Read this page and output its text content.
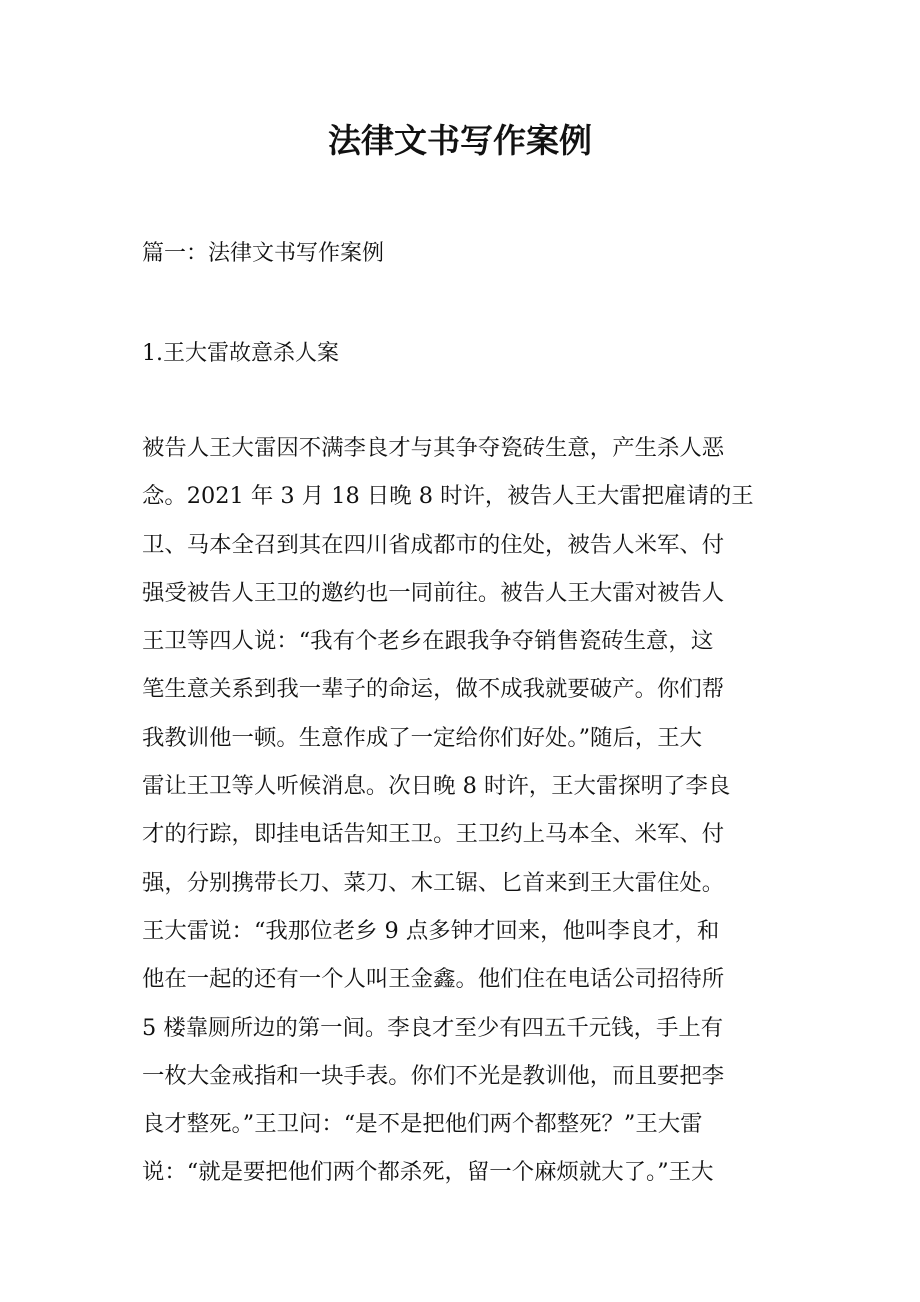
法律文书写作案例

篇一：法律文书写作案例

1.王大雷故意杀人案

被告人王大雷因不满李良才与其争夺瓷砖生意，产生杀人恶
念。2021 年 3 月 18 日晚 8 时许，被告人王大雷把雇请的王
卫、马本全召到其在四川省成都市的住处，被告人米军、付
强受被告人王卫的邀约也一同前往。被告人王大雷对被告人
王卫等四人说：“我有个老乡在跟我争夺销售瓷砖生意，这
笔生意关系到我一辈子的命运，做不成我就要破产。你们帮
我教训他一顿。生意作成了一定给你们好处。”随后，王大
雷让王卫等人听候消息。次日晚 8 时许，王大雷探明了李良
才的行踪，即挂电话告知王卫。王卫约上马本全、米军、付
强，分别携带长刀、菜刀、木工锯、匕首来到王大雷住处。
王大雷说：“我那位老乡 9 点多钟才回来，他叫李良才，和
他在一起的还有一个人叫王金鑫。他们住在电话公司招待所
5 楼靠厕所边的第一间。李良才至少有四五千元钱，手上有
一枚大金戒指和一块手表。你们不光是教训他，而且要把李
良才整死。”王卫问：“是不是把他们两个都整死？”王大雷
说：“就是要把他们两个都杀死，留一个麻烦就大了。”王大
